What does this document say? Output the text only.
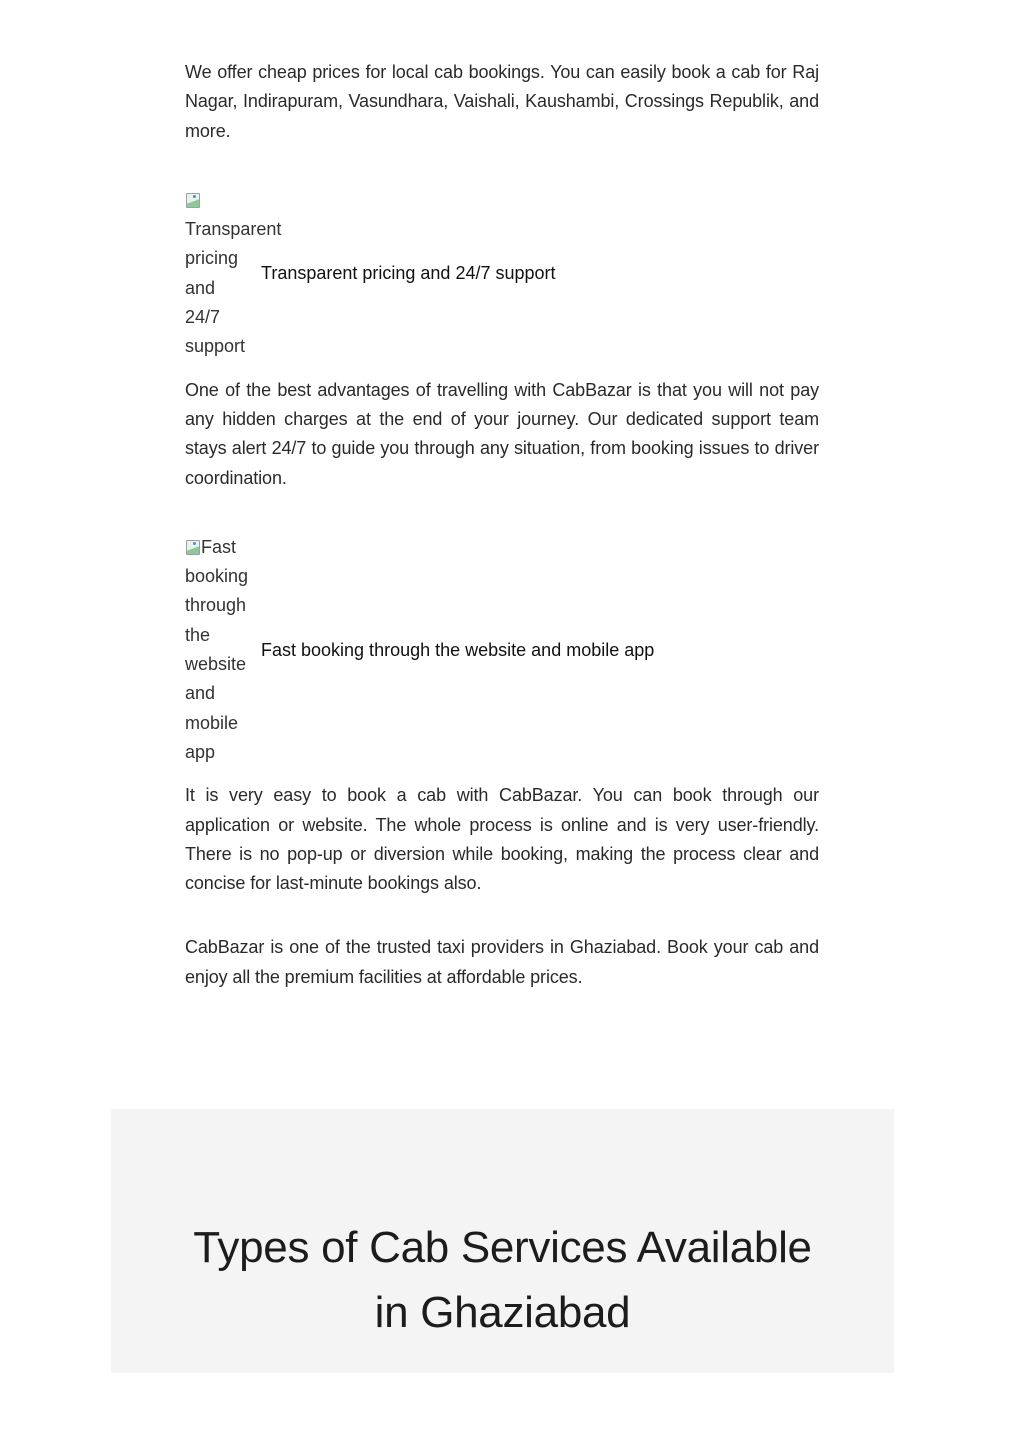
We offer cheap prices for local cab bookings. You can easily book a cab for Raj Nagar, Indirapuram, Vasundhara, Vaishali, Kaushambi, Crossings Republik, and more.

Transparent pricing and 24/7 support
Transparent pricing and 24/7 support

One of the best advantages of travelling with CabBazar is that you will not pay any hidden charges at the end of your journey. Our dedicated support team stays alert 24/7 to guide you through any situation, from booking issues to driver coordination.

Fast booking through the website and mobile app
Fast booking through the website and mobile app

It is very easy to book a cab with CabBazar. You can book through our application or website. The whole process is online and is very user-friendly. There is no pop-up or diversion while booking, making the process clear and concise for last-minute bookings also.

CabBazar is one of the trusted taxi providers in Ghaziabad. Book your cab and enjoy all the premium facilities at affordable prices.

Types of Cab Services Available in Ghaziabad
